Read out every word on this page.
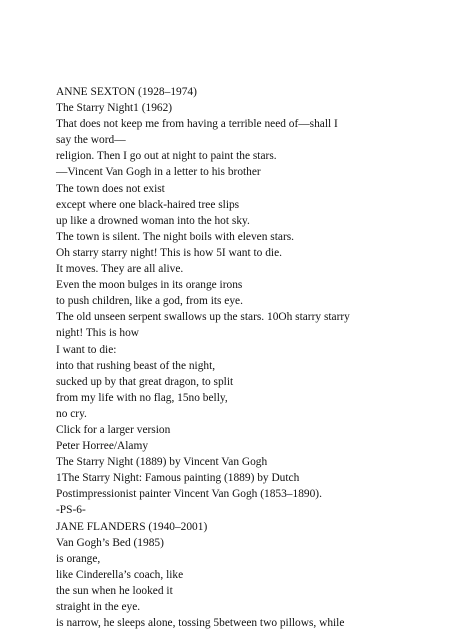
ANNE SEXTON (1928–1974)
The Starry Night1 (1962)
That does not keep me from having a terrible need of—shall I
say the word—
religion. Then I go out at night to paint the stars.
—Vincent Van Gogh in a letter to his brother
The town does not exist
except where one black-haired tree slips
up like a drowned woman into the hot sky.
The town is silent. The night boils with eleven stars.
Oh starry starry night! This is how 5I want to die.
It moves. They are all alive.
Even the moon bulges in its orange irons
to push children, like a god, from its eye.
The old unseen serpent swallows up the stars. 10Oh starry starry
night! This is how
I want to die:
into that rushing beast of the night,
sucked up by that great dragon, to split
from my life with no flag, 15no belly,
no cry.
Click for a larger version
Peter Horree/Alamy
The Starry Night (1889) by Vincent Van Gogh
1The Starry Night: Famous painting (1889) by Dutch
Postimpressionist painter Vincent Van Gogh (1853–1890).
-PS-6-
JANE FLANDERS (1940–2001)
Van Gogh’s Bed (1985)
is orange,
like Cinderella’s coach, like
the sun when he looked it
straight in the eye.
is narrow, he sleeps alone, tossing 5between two pillows, while
